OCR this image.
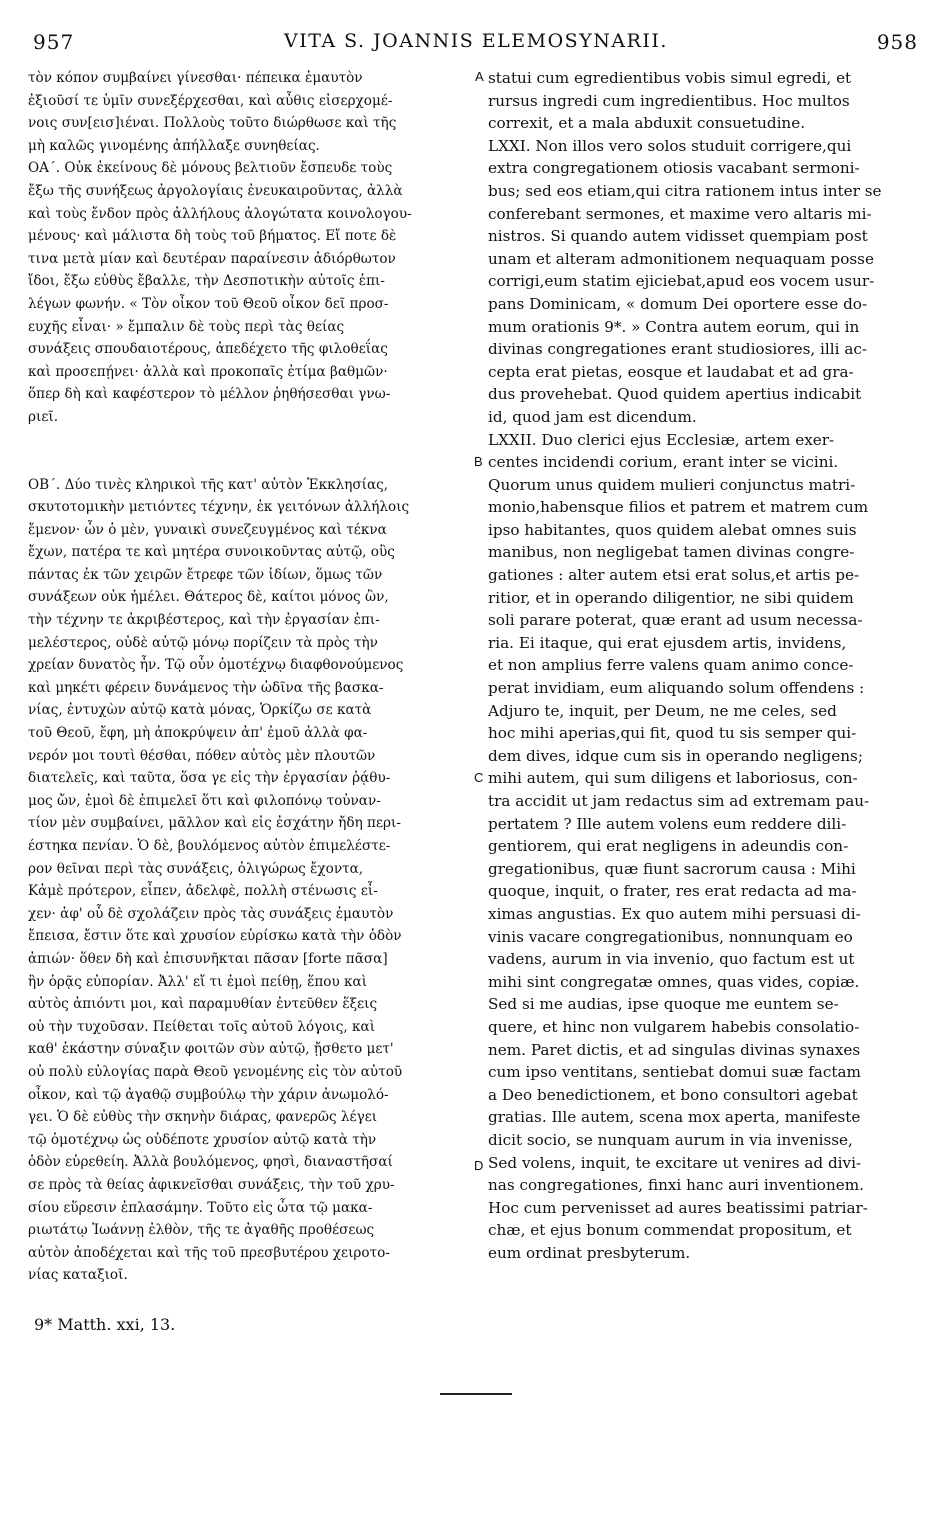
957	VITA S. JOANNIS ELEMOSYNARII.	958
τὸν κόπον συμβαίνει γίνεσθαι· πέπεικα ἐμαυτὸν
ἐξιοῦσί τε ὑμῖν συνεξέρχεσθαι, καὶ αὖθις εἰσερχομέ-
νοις συν[εισ]ιέναι. Πολλοὺς τοῦτο διώρθωσε καὶ τῆς
μὴ καλῶς γινομένης ἀπήλλαξε συνηθείας.
ΟΑ΄. Οὐκ ἐκείνους δὲ μόνους βελτιοῦν ἔσπευδε τοὺς
ἔξω τῆς συνήξεως ἀργολογίαις ἐνευκαιροῦντας, ἀλλὰ
καὶ τοὺς ἔνδον πρὸς ἀλλήλους ἀλογώτατα κοινολογου-
μένους· καὶ μάλιστα δὴ τοὺς τοῦ βήματος. Εἴ ποτε δὲ
τινα μετὰ μίαν καὶ δευτέραν παραίνεσιν ἀδιόρθωτον
ἴδοι, ἔξω εὐθὺς ἔβαλλε, τὴν Δεσποτικὴν αὐτοῖς ἐπι-
λέγων φωνήν. « Τὸν οἶκον τοῦ Θεοῦ οἶκον δεῖ προσ-
ευχῆς εἶναι· » ἔμπαλιν δὲ τοὺς περὶ τὰς θείας
συνάξεις σπουδαιοτέρους, ἀπεδέχετο τῆς φιλοθεΐας
καὶ προσεπῄνει· ἀλλὰ καὶ προκοπαῖς ἐτίμα βαθμῶν·
ὅπερ δὴ καὶ καφέστερον τὸ μέλλον ῥηθήσεσθαι γνω-
ριεῖ.
ΟΒ΄. Δύο τινὲς κληρικοὶ τῆς κατ' αὐτὸν Ἐκκλησίας,
σκυτοτομικὴν μετιόντες τέχνην, ἐκ γειτόνων ἀλλήλοις
ἔμενον· ὧν ὁ μὲν, γυναικὶ συνεζευγμένος καὶ τέκνα
ἔχων, πατέρα τε καὶ μητέρα συνοικοῦντας αὐτῷ, οὓς
πάντας ἐκ τῶν χειρῶν ἔτρεφε τῶν ἰδίων, ὅμως τῶν
συνάξεων οὐκ ἠμέλει. Θάτερος δὲ, καίτοι μόνος ὢν,
τὴν τέχνην τε ἀκριβέστερος, καὶ τὴν ἐργασίαν ἐπι-
μελέστερος, οὐδὲ αὐτῷ μόνῳ πορίζειν τὰ πρὸς τὴν
χρείαν δυνατὸς ἦν. Τῷ οὖν ὁμοτέχνῳ διαφθονούμενος
καὶ μηκέτι φέρειν δυνάμενος τὴν ὠδῖνα τῆς βασκα-
νίας, ἐντυχὼν αὐτῷ κατὰ μόνας, Ὁρκίζω σε κατὰ
τοῦ Θεοῦ, ἔφη, μὴ ἀποκρύψειν ἀπ' ἐμοῦ ἀλλὰ φα-
νερόν μοι τουτὶ θέσθαι, πόθεν αὐτὸς μὲν πλουτῶν
διατελεῖς, καὶ ταῦτα, ὅσα γε εἰς τὴν ἐργασίαν ῥᾴθυ-
μος ὤν, ἐμοὶ δὲ ἐπιμελεῖ ὅτι καὶ φιλοπόνῳ τοὐναν-
τίον μὲν συμβαίνει, μᾶλλον καὶ εἰς ἐσχάτην ἤδη περι-
έστηκα πενίαν. Ὁ δὲ, βουλόμενος αὐτὸν ἐπιμελέστε-
ρον θεῖναι περὶ τὰς συνάξεις, ὀλιγώρως ἔχοντα,
Κἀμὲ πρότερον, εἶπεν, ἀδελφὲ, πολλὴ στένωσις εἶ-
χεν· ἀφ' οὗ δὲ σχολάζειν πρὸς τὰς συνάξεις ἐμαυτὸν
ἔπεισα, ἔστιν ὅτε καὶ χρυσίον εὑρίσκω κατὰ τὴν ὁδὸν
ἀπιών· ὅθεν δὴ καὶ ἐπισυνῆκται πᾶσαν [forte πᾶσα]
ἣν ὁρᾷς εὐπορίαν. Ἀλλ' εἴ τι ἐμοὶ πείθῃ, ἕπου καὶ
αὐτὸς ἀπιόντι μοι, καὶ παραμυθίαν ἐντεῦθεν ἕξεις
οὐ τὴν τυχοῦσαν. Πείθεται τοῖς αὐτοῦ λόγοις, καὶ
καθ' ἑκάστην σύναξιν φοιτῶν σὺν αὐτῷ, ᾔσθετο μετ'
οὐ πολὺ εὐλογίας παρὰ Θεοῦ γενομένης εἰς τὸν αὐτοῦ
οἶκον, καὶ τῷ ἀγαθῷ συμβούλῳ τὴν χάριν ἀνωμολό-
γει. Ὁ δὲ εὐθὺς τὴν σκηνὴν διάρας, φανερῶς λέγει
τῷ ὁμοτέχνῳ ὡς οὐδέποτε χρυσίον αὐτῷ κατὰ τὴν
ὁδὸν εὑρεθείη. Ἀλλὰ βουλόμενος, φησὶ, διαναστῆσαί
σε πρὸς τὰ θείας ἀφικνεῖσθαι συνάξεις, τὴν τοῦ χρυ-
σίου εὕρεσιν ἐπλασάμην. Τοῦτο εἰς ὦτα τῷ μακα-
ριωτάτῳ Ἰωάννῃ ἐλθὸν, τῆς τε ἀγαθῆς προθέσεως
αὐτὸν ἀποδέχεται καὶ τῆς τοῦ πρεσβυτέρου χειροτο-
νίας καταξιοῖ.
statui cum egredientibus vobis simul egredi, et
rursus ingredi cum ingredientibus. Hoc multos
correxit, et a mala abduxit consuetudine.
LXXI. Non illos vero solos studuit corrigere,qui
extra congregationem otiosis vacabant sermoni-
bus; sed eos etiam,qui citra rationem intus inter se
conferebant sermones, et maxime vero altaris mi-
nistros. Si quando autem vidisset quempiam post
unam et alteram admonitionem nequaquam posse
corrigi,eum statim ejiciebat,apud eos vocem usur-
pans Dominicam, « domum Dei oportere esse do-
mum orationis 9*. » Contra autem eorum, qui in
divinas congregationes erant studiosiores, illi ac-
cepta erat pietas, eosque et laudabat et ad gra-
dus provehebat. Quod quidem apertius indicabit
id, quod jam est dicendum.
LXXII. Duo clerici ejus Ecclesiæ, artem exer-
centes incidendi corium, erant inter se vicini.
Quorum unus quidem mulieri conjunctus matri-
monio,habensque filios et patrem et matrem cum
ipso habitantes, quos quidem alebat omnes suis
manibus, non negligebat tamen divinas congre-
gationes : alter autem etsi erat solus,et artis pe-
ritior, et in operando diligentior, ne sibi quidem
soli parare poterat, quæ erant ad usum necessa-
ria. Ei itaque, qui erat ejusdem artis, invidens,
et non amplius ferre valens quam animo conce-
perat invidiam, eum aliquando solum offendens :
Adjuro te, inquit, per Deum, ne me celes, sed
hoc mihi aperias,qui fit, quod tu sis semper qui-
dem dives, idque cum sis in operando negligens;
mihi autem, qui sum diligens et laboriosus, con-
tra accidit ut jam redactus sim ad extremam pau-
pertatem ? Ille autem volens eum reddere dili-
gentiorem, qui erat negligens in adeundis con-
gregationibus, quæ fiunt sacrorum causa : Mihi
quoque, inquit, o frater, res erat redacta ad ma-
ximas angustias. Ex quo autem mihi persuasi di-
vinis vacare congregationibus, nonnunquam eo
vadens, aurum in via invenio, quo factum est ut
mihi sint congregatæ omnes, quas vides, copiæ.
Sed si me audias, ipse quoque me euntem se-
quere, et hinc non vulgarem habebis consolatio-
nem. Paret dictis, et ad singulas divinas synaxes
cum ipso ventitans, sentiebat domui suæ factam
a Deo benedictionem, et bono consultori agebat
gratias. Ille autem, scena mox aperta, manifeste
dicit socio, se nunquam aurum in via invenisse,
Sed volens, inquit, te excitare ut venires ad divi-
nas congregationes, finxi hanc auri inventionem.
Hoc cum pervenisset ad aures beatissimi patriar-
chæ, et ejus bonum commendat propositum, et
eum ordinat presbyterum.
A
B
C
D
9* Matth. xxi, 13.
